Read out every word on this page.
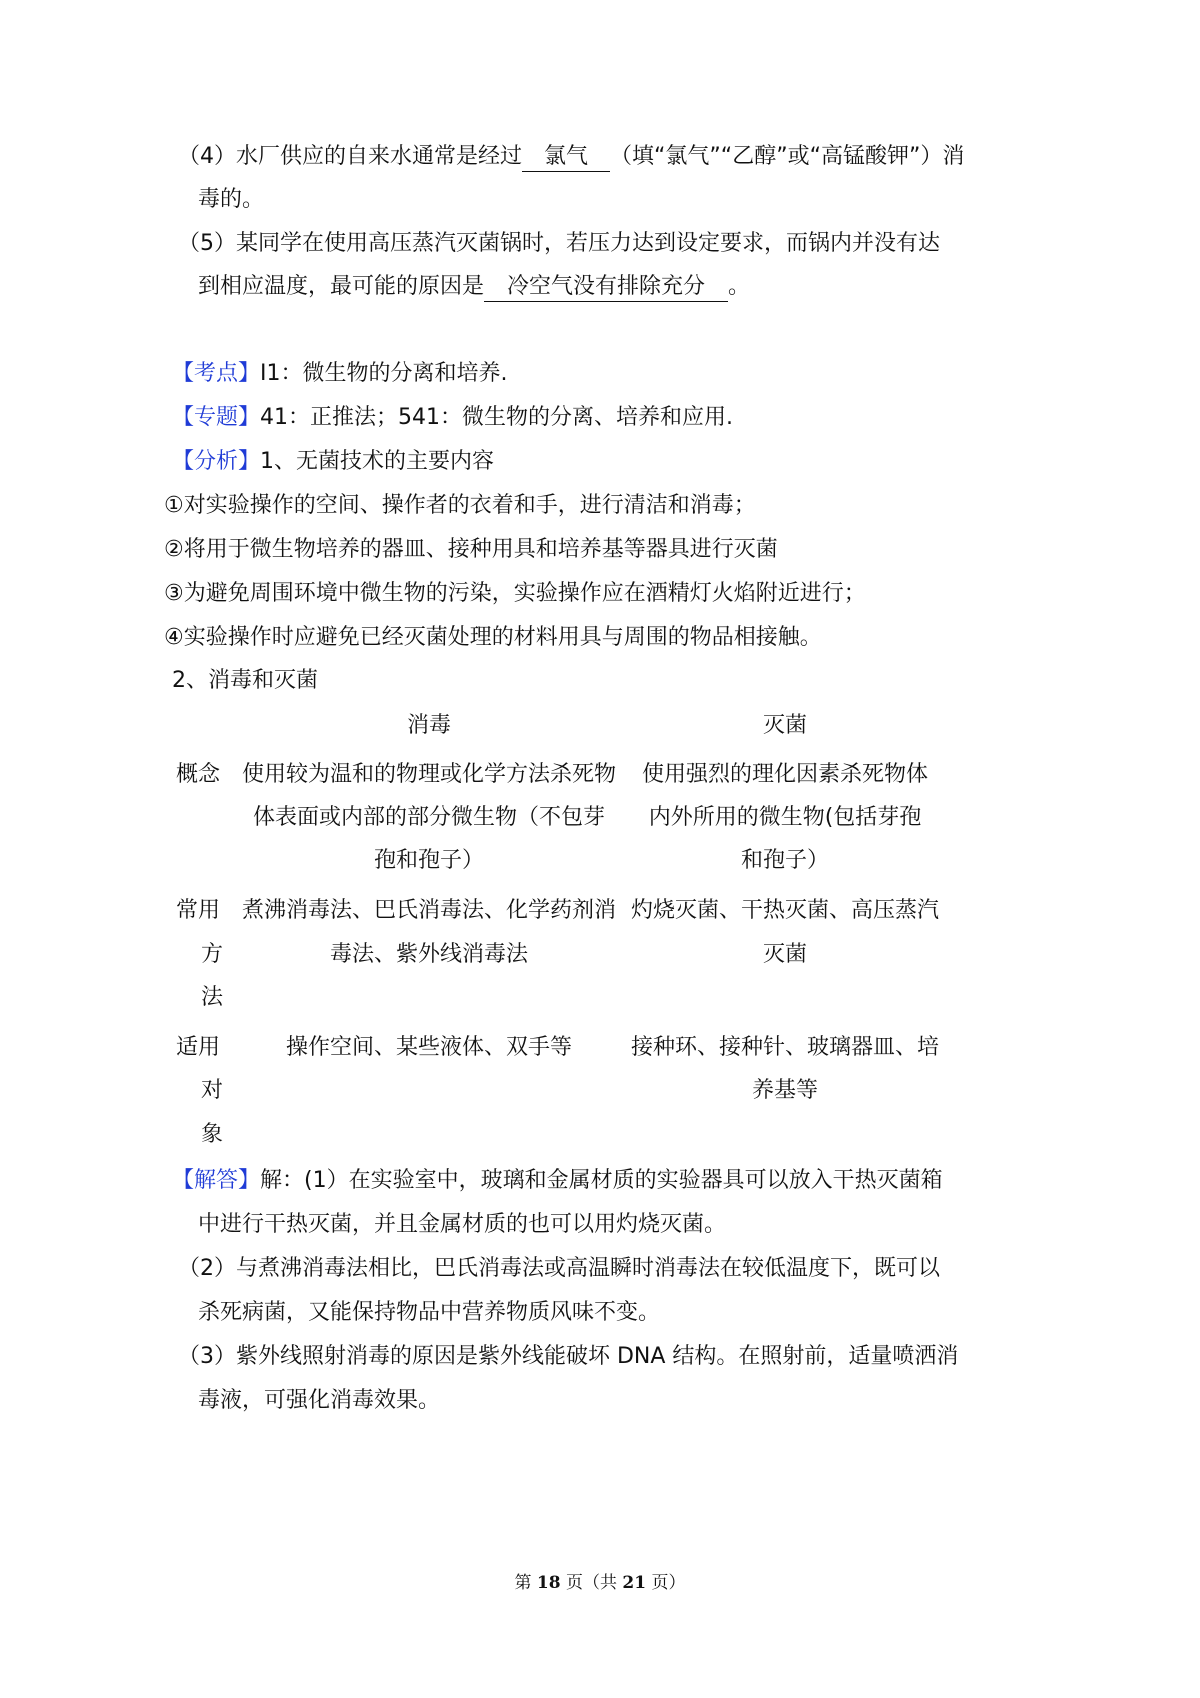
（4）水厂供应的自来水通常是经过 氯气 （填“氯气”“乙醇”或“高锰酸钾”）消
毒的。
（5）某同学在使用高压蒸汽灭菌锅时，若压力达到设定要求，而锅内并没有达
到相应温度，最可能的原因是 冷空气没有排除充分 。
【考点】I1：微生物的分离和培养.
【专题】41：正推法；541：微生物的分离、培养和应用.
【分析】1、无菌技术的主要内容
①对实验操作的空间、操作者的衣着和手，进行清洁和消毒；
②将用于微生物培养的器皿、接种用具和培养基等器具进行灭菌
③为避免周围环境中微生物的污染，实验操作应在酒精灯火焰附近进行；
④实验操作时应避免已经灭菌处理的材料用具与周围的物品相接触。
2、消毒和灭菌
消毒	灭菌
概念 使用较为温和的物理或化学方法杀死物
体表面或内部的部分微生物（不包芽
孢和孢子）
使用强烈的理化因素杀死物体
内外所用的微生物(包括芽孢
和孢子）
常用
方
法
煮沸消毒法、巴氏消毒法、化学药剂消
毒法、紫外线消毒法
灼烧灭菌、干热灭菌、高压蒸汽
灭菌
适用
对
象
操作空间、某些液体、双手等	接种环、接种针、玻璃器皿、培
养基等
【解答】解：(1）在实验室中，玻璃和金属材质的实验器具可以放入干热灭菌箱
中进行干热灭菌，并且金属材质的也可以用灼烧灭菌。
（2）与煮沸消毒法相比，巴氏消毒法或高温瞬时消毒法在较低温度下，既可以
杀死病菌，又能保持物品中营养物质风味不变。
（3）紫外线照射消毒的原因是紫外线能破坏 DNA 结构。在照射前，适量喷洒消
毒液，可强化消毒效果。
第 18 页（共 21 页）
